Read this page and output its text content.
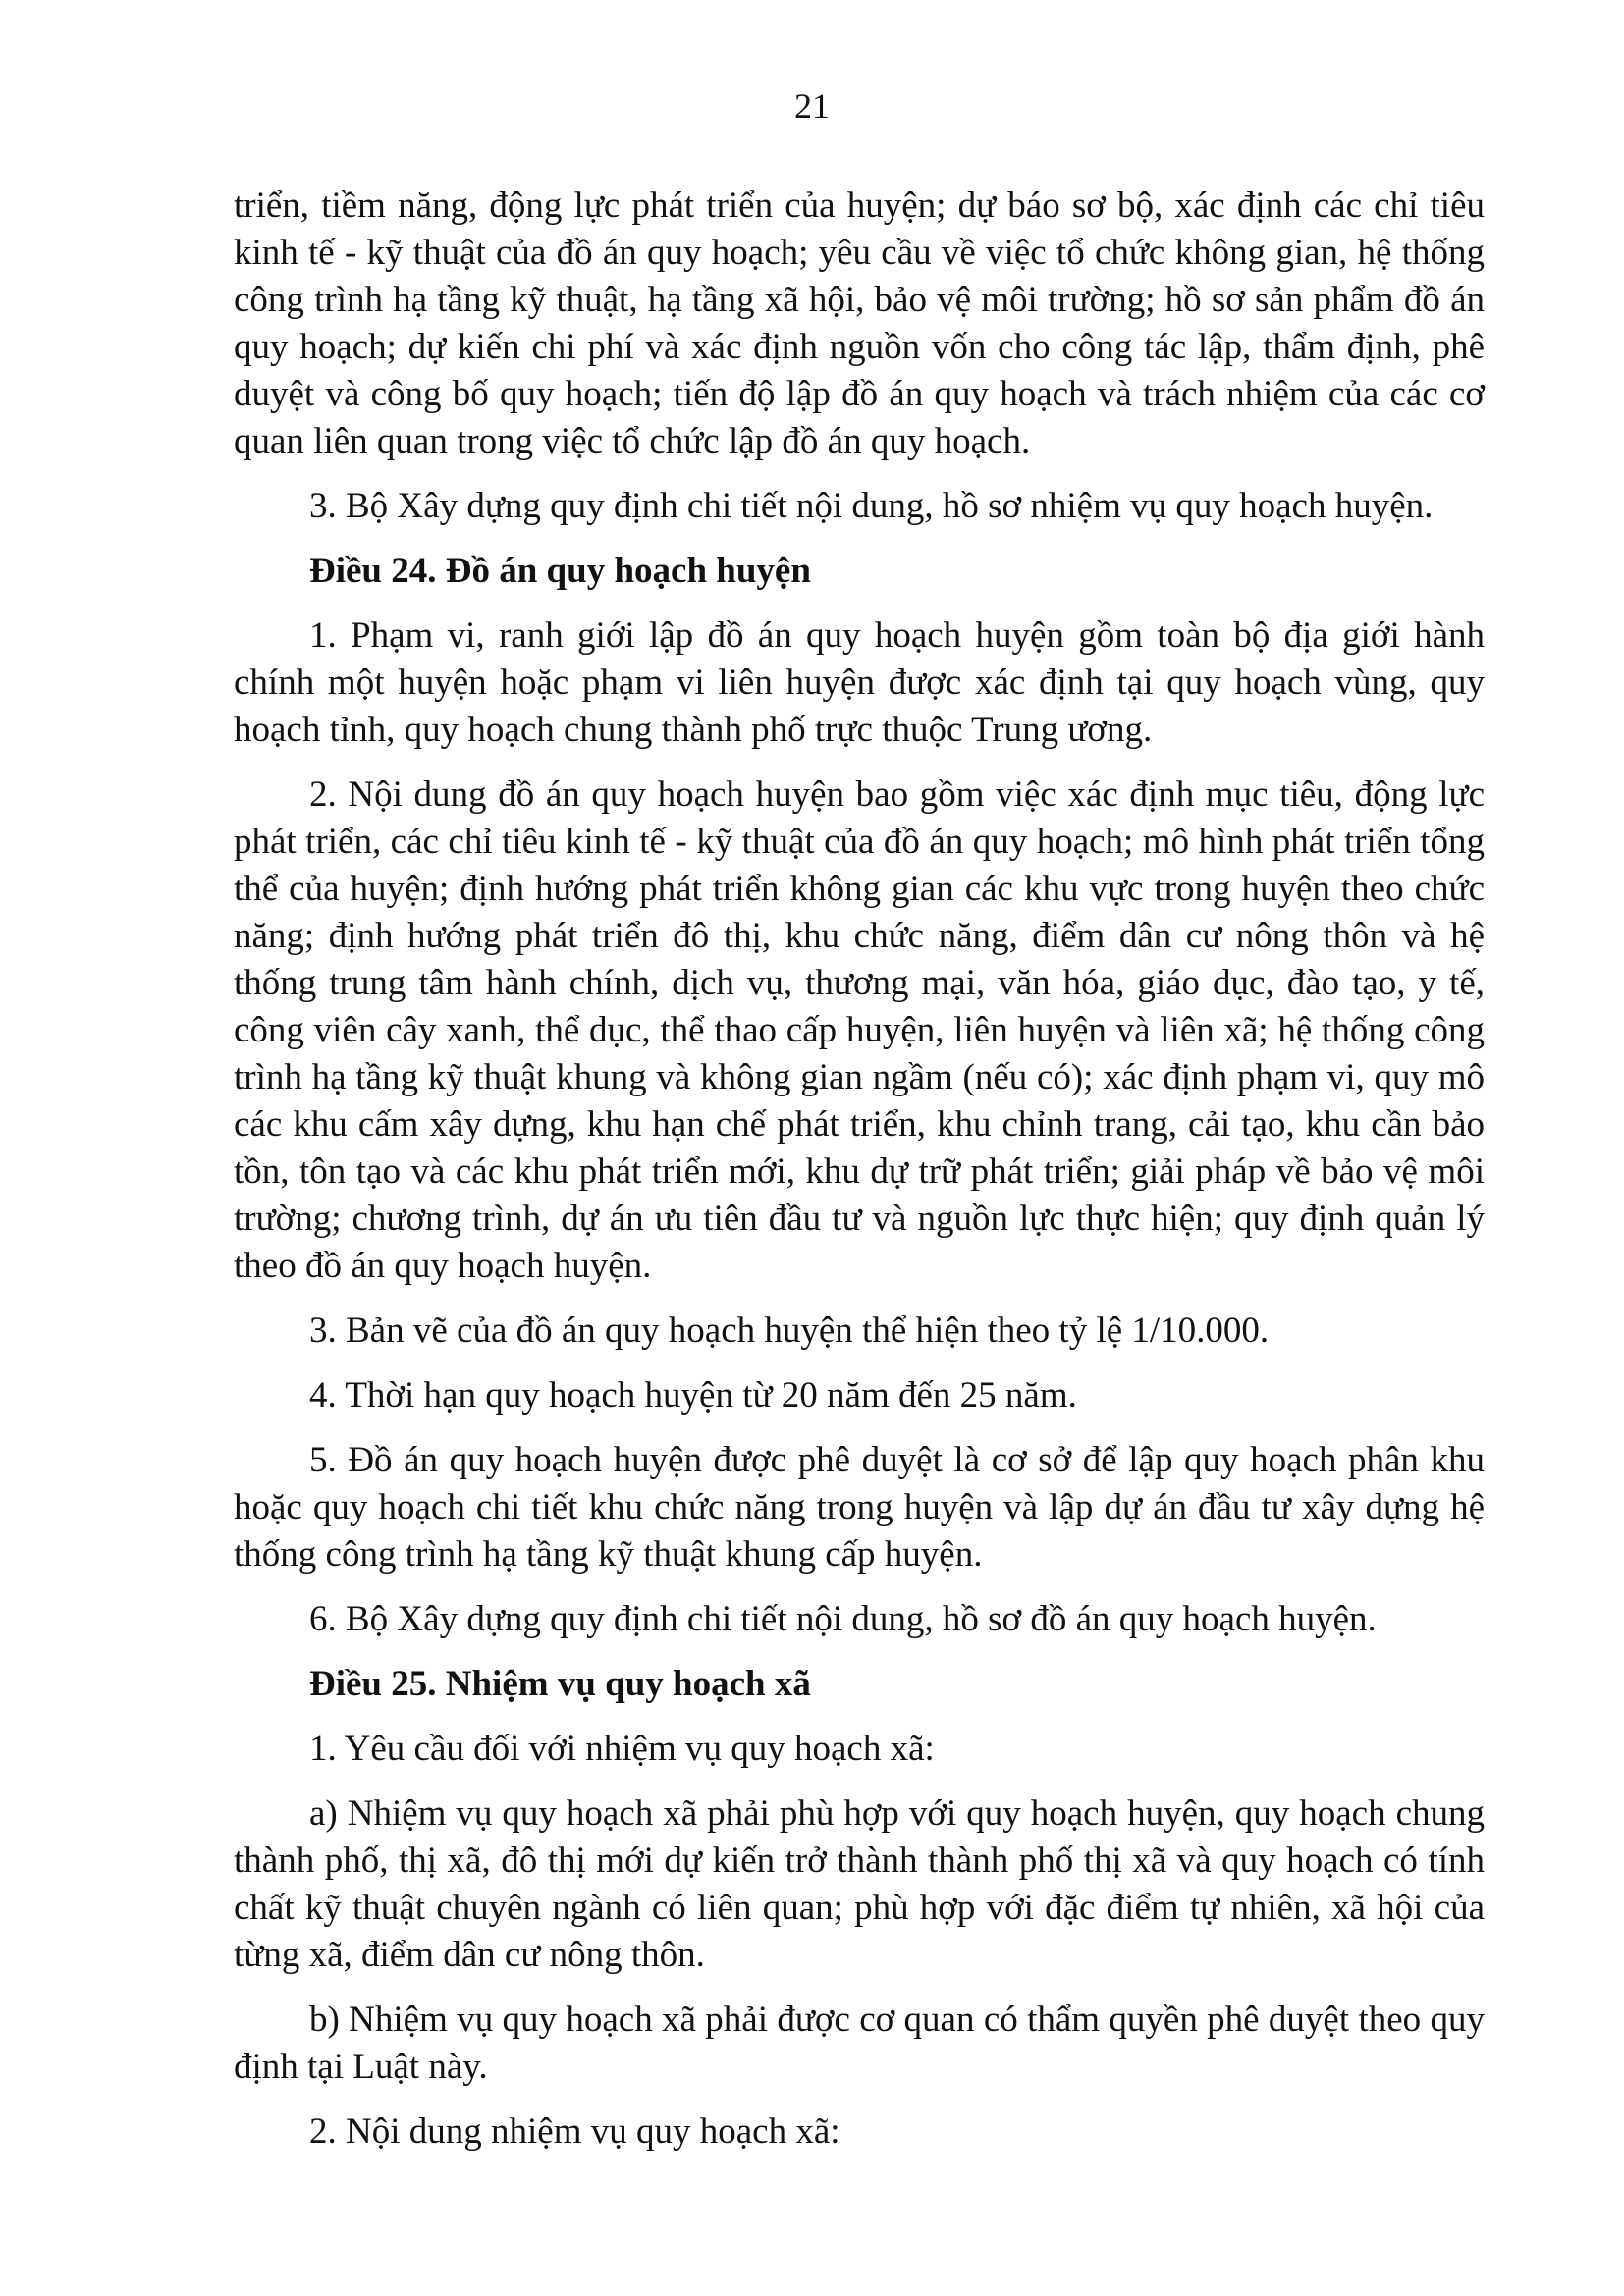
21

triển, tiềm năng, động lực phát triển của huyện; dự báo sơ bộ, xác định các chỉ tiêu kinh tế - kỹ thuật của đồ án quy hoạch; yêu cầu về việc tổ chức không gian, hệ thống công trình hạ tầng kỹ thuật, hạ tầng xã hội, bảo vệ môi trường; hồ sơ sản phẩm đồ án quy hoạch; dự kiến chi phí và xác định nguồn vốn cho công tác lập, thẩm định, phê duyệt và công bố quy hoạch; tiến độ lập đồ án quy hoạch và trách nhiệm của các cơ quan liên quan trong việc tổ chức lập đồ án quy hoạch.

3. Bộ Xây dựng quy định chi tiết nội dung, hồ sơ nhiệm vụ quy hoạch huyện.

Điều 24. Đồ án quy hoạch huyện

1. Phạm vi, ranh giới lập đồ án quy hoạch huyện gồm toàn bộ địa giới hành chính một huyện hoặc phạm vi liên huyện được xác định tại quy hoạch vùng, quy hoạch tỉnh, quy hoạch chung thành phố trực thuộc Trung ương.

2. Nội dung đồ án quy hoạch huyện bao gồm việc xác định mục tiêu, động lực phát triển, các chỉ tiêu kinh tế - kỹ thuật của đồ án quy hoạch; mô hình phát triển tổng thể của huyện; định hướng phát triển không gian các khu vực trong huyện theo chức năng; định hướng phát triển đô thị, khu chức năng, điểm dân cư nông thôn và hệ thống trung tâm hành chính, dịch vụ, thương mại, văn hóa, giáo dục, đào tạo, y tế, công viên cây xanh, thể dục, thể thao cấp huyện, liên huyện và liên xã; hệ thống công trình hạ tầng kỹ thuật khung và không gian ngầm (nếu có); xác định phạm vi, quy mô các khu cấm xây dựng, khu hạn chế phát triển, khu chỉnh trang, cải tạo, khu cần bảo tồn, tôn tạo và các khu phát triển mới, khu dự trữ phát triển; giải pháp về bảo vệ môi trường; chương trình, dự án ưu tiên đầu tư và nguồn lực thực hiện; quy định quản lý theo đồ án quy hoạch huyện.

3. Bản vẽ của đồ án quy hoạch huyện thể hiện theo tỷ lệ 1/10.000.

4. Thời hạn quy hoạch huyện từ 20 năm đến 25 năm.

5. Đồ án quy hoạch huyện được phê duyệt là cơ sở để lập quy hoạch phân khu hoặc quy hoạch chi tiết khu chức năng trong huyện và lập dự án đầu tư xây dựng hệ thống công trình hạ tầng kỹ thuật khung cấp huyện.

6. Bộ Xây dựng quy định chi tiết nội dung, hồ sơ đồ án quy hoạch huyện.

Điều 25. Nhiệm vụ quy hoạch xã

1. Yêu cầu đối với nhiệm vụ quy hoạch xã:

a) Nhiệm vụ quy hoạch xã phải phù hợp với quy hoạch huyện, quy hoạch chung thành phố, thị xã, đô thị mới dự kiến trở thành thành phố thị xã và quy hoạch có tính chất kỹ thuật chuyên ngành có liên quan; phù hợp với đặc điểm tự nhiên, xã hội của từng xã, điểm dân cư nông thôn.

b) Nhiệm vụ quy hoạch xã phải được cơ quan có thẩm quyền phê duyệt theo quy định tại Luật này.

2. Nội dung nhiệm vụ quy hoạch xã:
